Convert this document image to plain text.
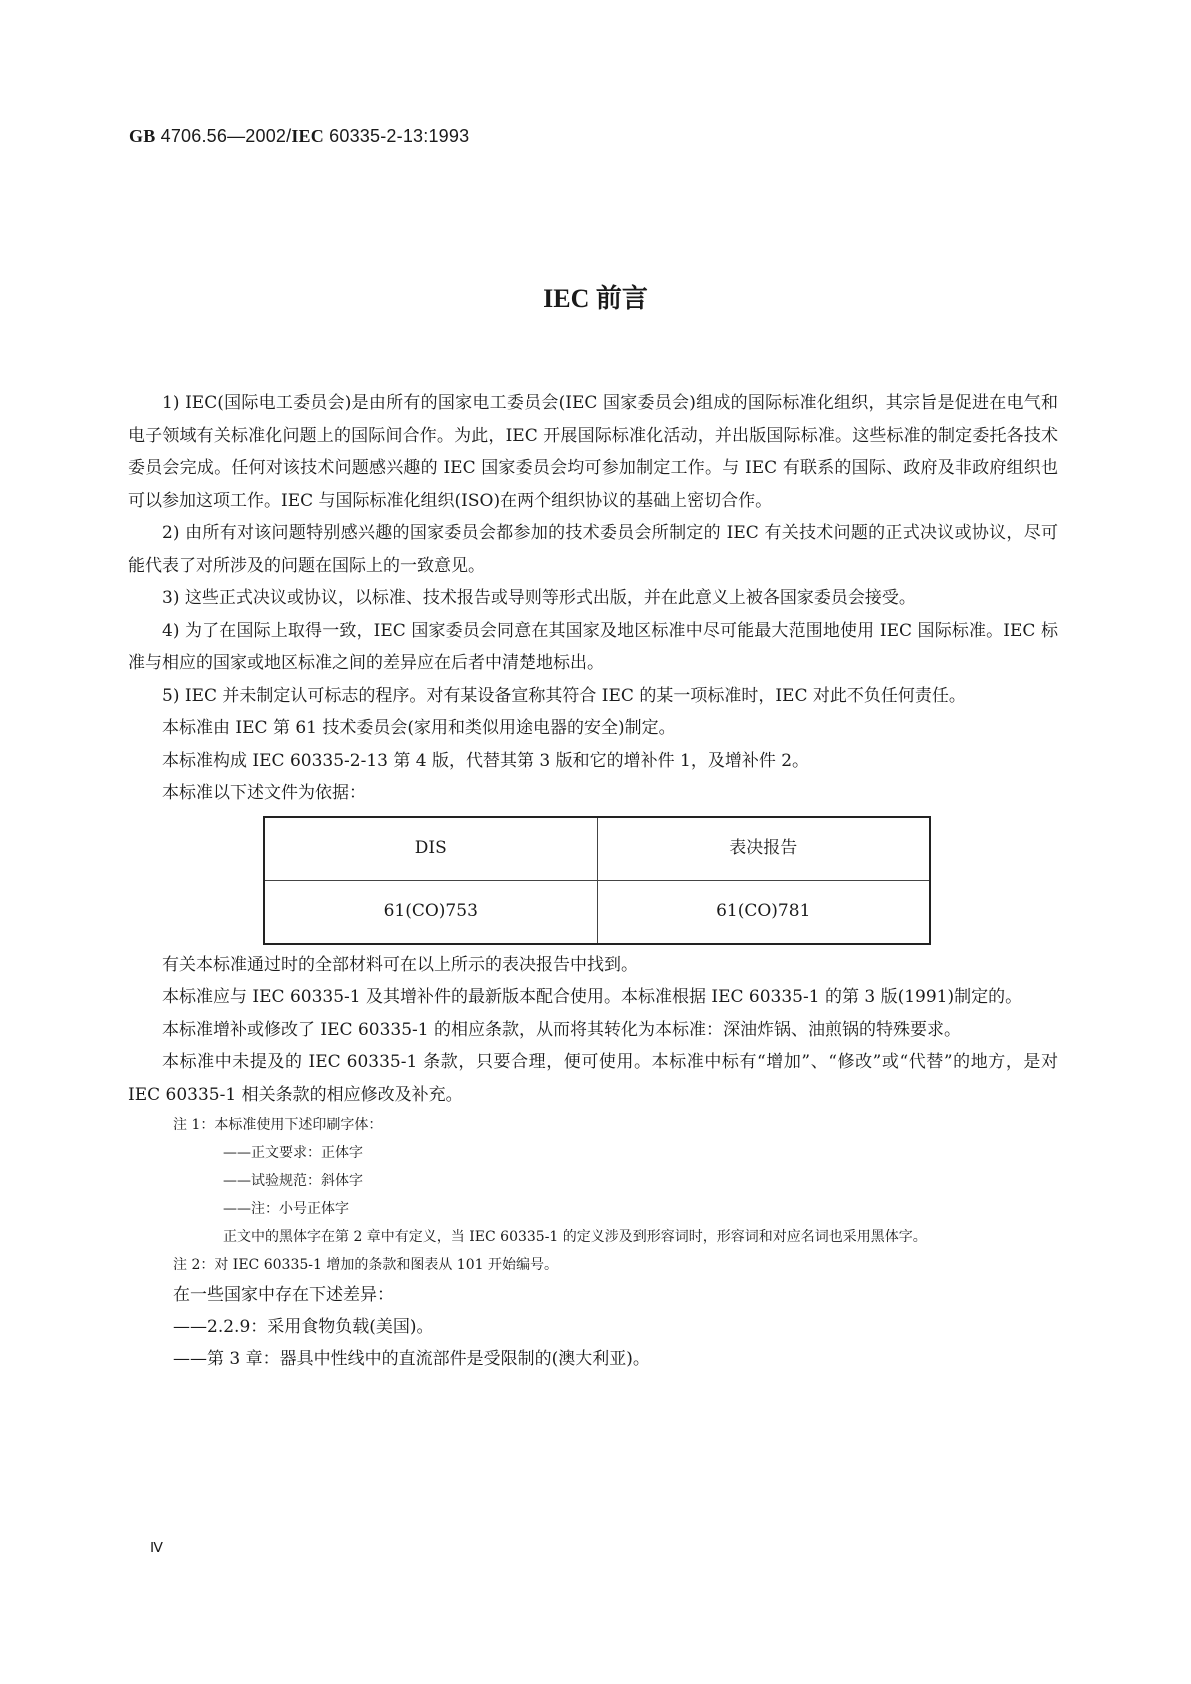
GB 4706.56—2002/IEC 60335-2-13:1993
IEC 前言

1) IEC(国际电工委员会)是由所有的国家电工委员会(IEC 国家委员会)组成的国际标准化组织，其宗旨是促进在电气和电子领域有关标准化问题上的国际间合作。为此，IEC 开展国际标准化活动，并出版国际标准。这些标准的制定委托各技术委员会完成。任何对该技术问题感兴趣的 IEC 国家委员会均可参加制定工作。与 IEC 有联系的国际、政府及非政府组织也可以参加这项工作。IEC 与国际标准化组织(ISO)在两个组织协议的基础上密切合作。

2) 由所有对该问题特别感兴趣的国家委员会都参加的技术委员会所制定的 IEC 有关技术问题的正式决议或协议，尽可能代表了对所涉及的问题在国际上的一致意见。

3) 这些正式决议或协议，以标准、技术报告或导则等形式出版，并在此意义上被各国家委员会接受。

4) 为了在国际上取得一致，IEC 国家委员会同意在其国家及地区标准中尽可能最大范围地使用 IEC 国际标准。IEC 标准与相应的国家或地区标准之间的差异应在后者中清楚地标出。

5) IEC 并未制定认可标志的程序。对有某设备宣称其符合 IEC 的某一项标准时，IEC 对此不负任何责任。

本标准由 IEC 第 61 技术委员会(家用和类似用途电器的安全)制定。

本标准构成 IEC 60335-2-13 第 4 版，代替其第 3 版和它的增补件 1，及增补件 2。

本标准以下述文件为依据：

DIS	表决报告
61(CO)753	61(CO)781

有关本标准通过时的全部材料可在以上所示的表决报告中找到。

本标准应与 IEC 60335-1 及其增补件的最新版本配合使用。本标准根据 IEC 60335-1 的第 3 版(1991)制定的。

本标准增补或修改了 IEC 60335-1 的相应条款，从而将其转化为本标准：深油炸锅、油煎锅的特殊要求。

本标准中未提及的 IEC 60335-1 条款，只要合理，便可使用。本标准中标有“增加”、“修改”或“代替”的地方，是对 IEC 60335-1 相关条款的相应修改及补充。

注 1：本标准使用下述印刷字体：

——正文要求：正体字

——试验规范：斜体字

——注：小号正体字

正文中的黑体字在第 2 章中有定义，当 IEC 60335-1 的定义涉及到形容词时，形容词和对应名词也采用黑体字。

注 2：对 IEC 60335-1 增加的条款和图表从 101 开始编号。

在一些国家中存在下述差异：

——2.2.9：采用食物负载(美国)。

——第 3 章：器具中性线中的直流部件是受限制的(澳大利亚)。

Ⅳ
